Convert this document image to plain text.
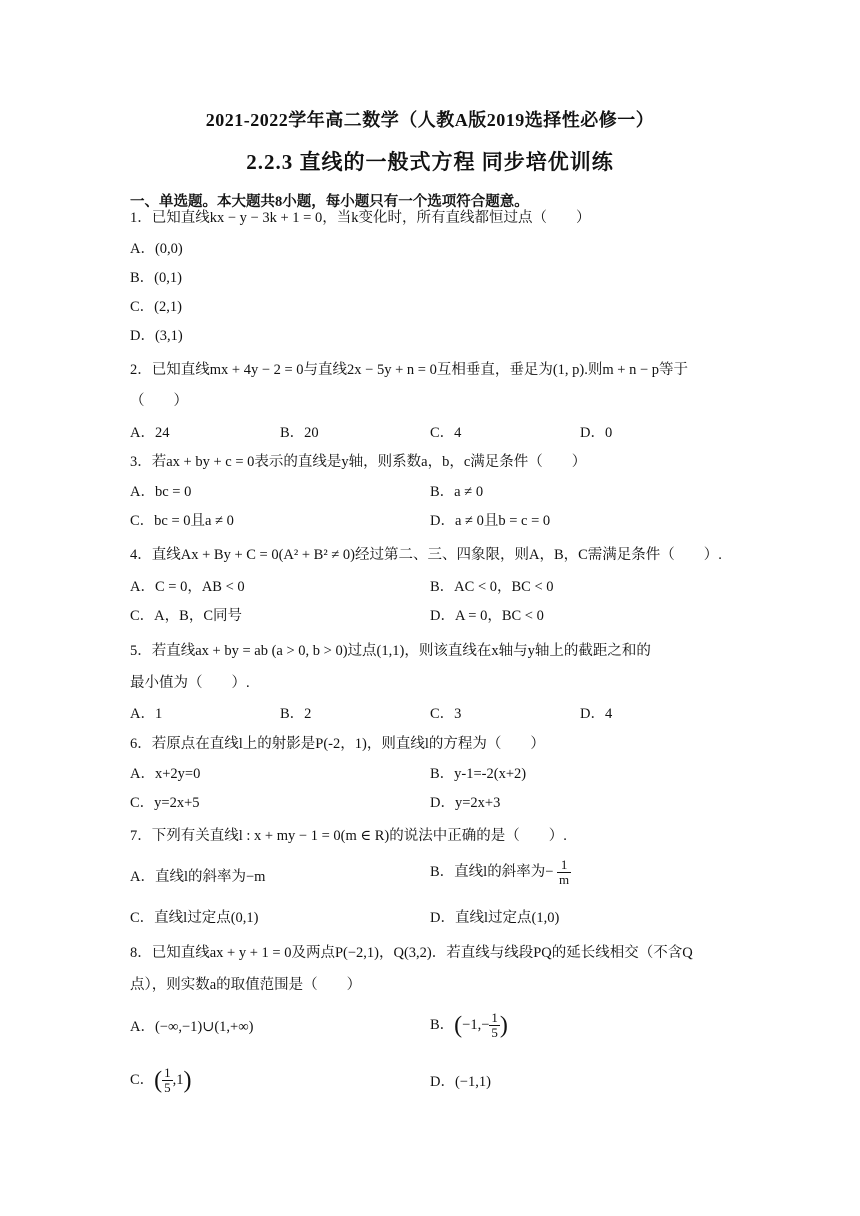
2021-2022学年高二数学（人教A版2019选择性必修一）
2.2.3 直线的一般式方程 同步培优训练
一、单选题。本大题共8小题，每小题只有一个选项符合题意。
1．已知直线kx − y − 3k + 1 = 0，当k变化时，所有直线都恒过点（　　）
A．(0,0)
B．(0,1)
C．(2,1)
D．(3,1)
2．已知直线mx + 4y − 2 = 0与直线2x − 5y + n = 0互相垂直，垂足为(1, p).则m + n − p等于
（　　）
A．24	B．20	C．4	D．0
3．若ax + by + c = 0表示的直线是y轴，则系数a，b，c满足条件（　　）
A．bc = 0	B．a ≠ 0
C．bc = 0且a ≠ 0	D．a ≠ 0且b = c = 0
4．直线Ax + By + C = 0(A² + B² ≠ 0)经过第二、三、四象限，则A，B，C需满足条件（　　）.
A．C = 0，AB < 0	B．AC < 0，BC < 0
C．A，B，C同号	D．A = 0，BC < 0
5．若直线ax + by = ab (a > 0, b > 0)过点(1,1)，则该直线在x轴与y轴上的截距之和的
最小值为（　　）.
A．1	B．2	C．3	D．4
6．若原点在直线l上的射影是P(-2，1)，则直线l的方程为（　　）
A．x+2y=0	B．y-1=-2(x+2)
C．y=2x+5	D．y=2x+3
7．下列有关直线l : x + my − 1 = 0(m ∈ R)的说法中正确的是（　　）.
A．直线l的斜率为−m	B．直线l的斜率为− $\frac{1}{m}$
C．直线l过定点(0,1)	D．直线l过定点(1,0)
8．已知直线ax + y + 1 = 0及两点P(−2,1)，Q(3,2)．若直线与线段PQ的延长线相交（不含Q
点），则实数a的取值范围是（　　）
A．(−∞,−1)∪(1,+∞)	B．($-1,- \frac{1}{5}$ )
C．( $\frac{1}{5} ,1$)	D．(−1,1)
